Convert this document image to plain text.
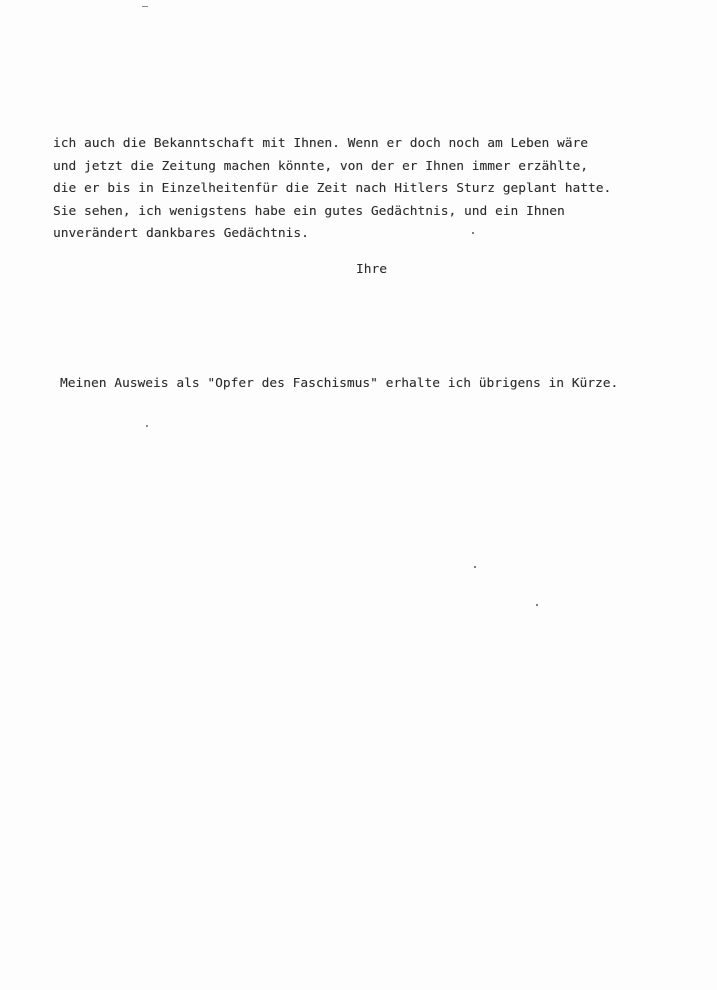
ich auch die Bekanntschaft mit Ihnen. Wenn er doch noch am Leben wäre
und jetzt die Zeitung machen könnte, von der er Ihnen immer erzählte,
die er bis in Einzelheitenfür die Zeit nach Hitlers Sturz geplant hatte.
Sie sehen, ich wenigstens habe ein gutes Gedächtnis, und ein Ihnen
unverändert dankbares Gedächtnis.
Ihre
Meinen Ausweis als "Opfer des Faschismus" erhalte ich übrigens in Kürze.
